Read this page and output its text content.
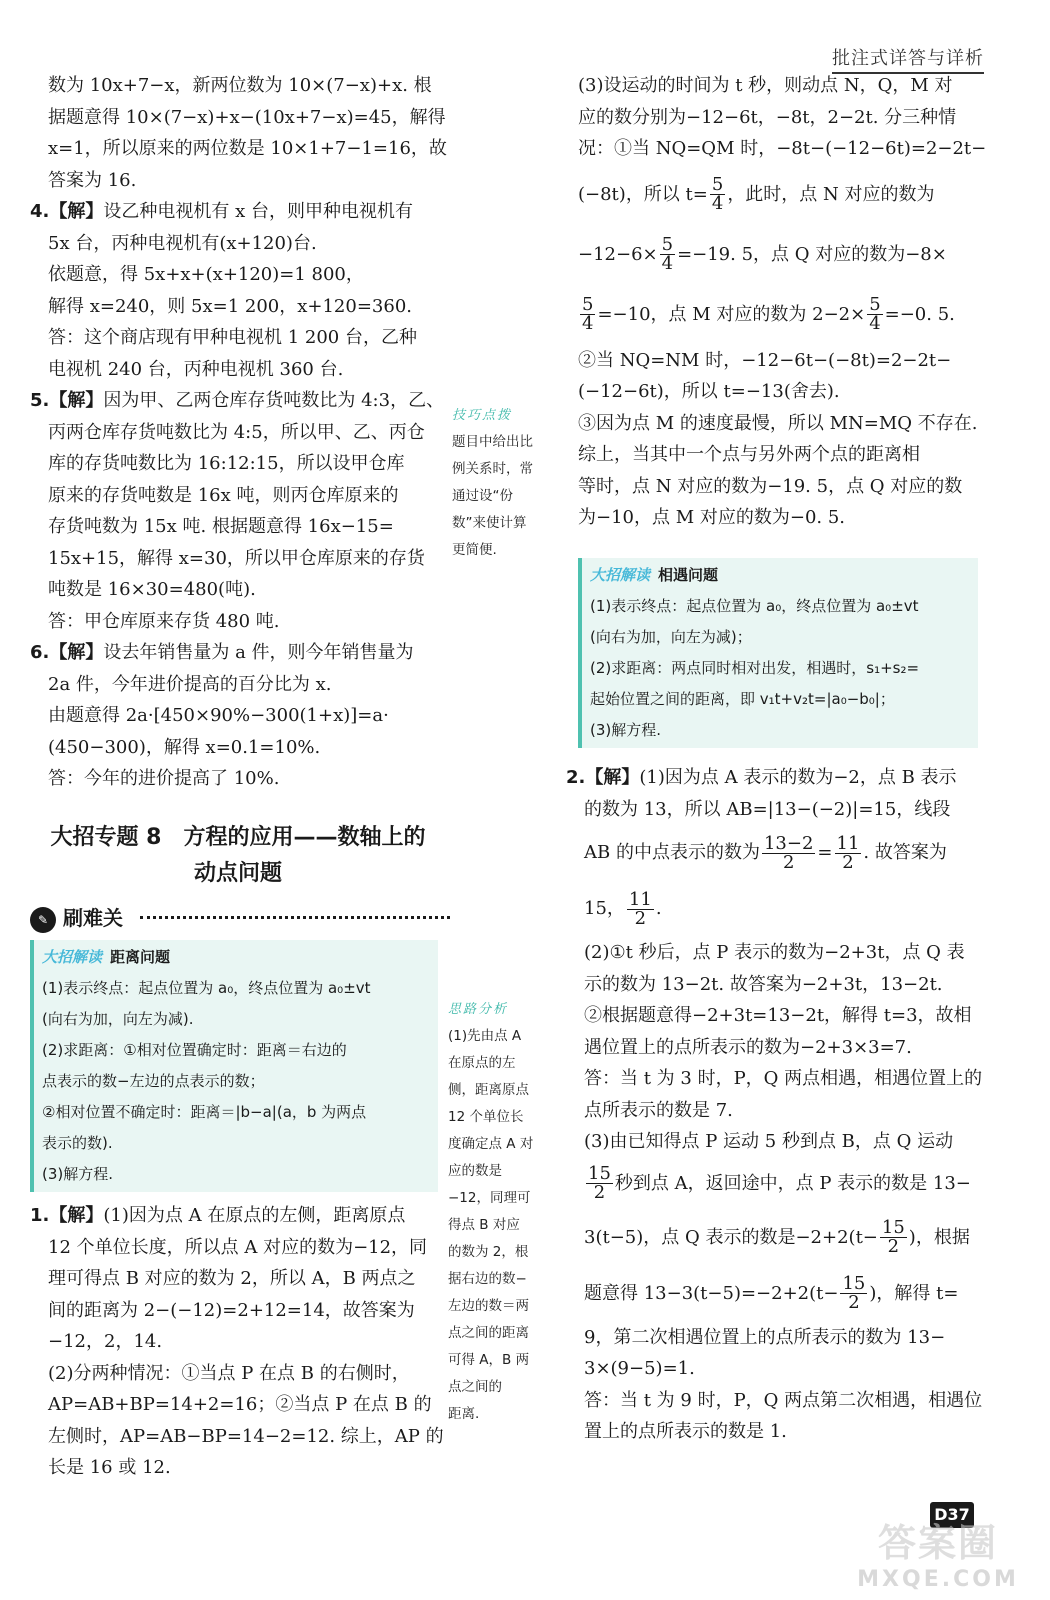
批注式详答与详析

数为 10x+7−x，新两位数为 10×(7−x)+x. 根

据题意得 10×(7−x)+x−(10x+7−x)=45，解得

x=1，所以原来的两位数是 10×1+7−1=16，故

答案为 16.

4.【解】设乙种电视机有 x 台，则甲种电视机有

5x 台，丙种电视机有(x+120)台.

依题意，得 5x+x+(x+120)=1 800，

解得 x=240，则 5x=1 200，x+120=360.

答：这个商店现有甲种电视机 1 200 台，乙种

电视机 240 台，丙种电视机 360 台.

5.【解】因为甲、乙两仓库存货吨数比为 4:3，乙、

丙两仓库存货吨数比为 4:5，所以甲、乙、丙仓

库的存货吨数比为 16:12:15，所以设甲仓库

原来的存货吨数是 16x 吨，则丙仓库原来的

存货吨数为 15x 吨. 根据题意得 16x−15=

15x+15，解得 x=30，所以甲仓库原来的存货

吨数是 16×30=480(吨).

答：甲仓库原来存货 480 吨.

6.【解】设去年销售量为 a 件，则今年销售量为

2a 件，今年进价提高的百分比为 x.

由题意得 2a·[450×90%−300(1+x)]=a·

(450−300)，解得 x=0.1=10%.

答：今年的进价提高了 10%.

技巧点拨
题目中给出比
例关系时，常
通过设“份
数”来使计算
更简便.
大招专题 8　方程的应用——数轴上的
动点问题
✎ 刷难关
大招解读 距离问题
(1)表示终点：起点位置为 a₀，终点位置为 a₀±vt
(向右为加，向左为减).
(2)求距离：①相对位置确定时：距离＝右边的
点表示的数−左边的点表示的数；
②相对位置不确定时：距离＝|b−a|(a，b 为两点
表示的数).
(3)解方程.

1.【解】(1)因为点 A 在原点的左侧，距离原点

12 个单位长度，所以点 A 对应的数为−12，同

理可得点 B 对应的数为 2，所以 A，B 两点之

间的距离为 2−(−12)=2+12=14，故答案为

−12，2，14.

(2)分两种情况：①当点 P 在点 B 的右侧时，

AP=AB+BP=14+2=16；②当点 P 在点 B 的

左侧时，AP=AB−BP=14−2=12. 综上，AP 的

长是 16 或 12.

思路分析
(1)先由点 A
在原点的左
侧，距离原点
12 个单位长
度确定点 A 对
应的数是
−12，同理可
得点 B 对应
的数为 2，根
据右边的数−
左边的数＝两
点之间的距离
可得 A，B 两
点之间的
距离.

(3)设运动的时间为 t 秒，则动点 N，Q，M 对

应的数分别为−12−6t，−8t，2−2t. 分三种情

况：①当 NQ=QM 时，−8t−(−12−6t)=2−2t−

(−8t)，所以 $t= \frac{5}{4}$ ，此时，点 N 对应的数为

$-12-6\times \frac{5}{4} =-19$. 5，点 Q 对应的数为−8×

$\frac{5}{4} =-10$，点 M 对应的数为 $2-2\times \frac{5}{4} =-0$. 5.

②当 NQ=NM 时，−12−6t−(−8t)=2−2t−

(−12−6t)，所以 t=−13(舍去).

③因为点 M 的速度最慢，所以 MN=MQ 不存在.

综上，当其中一个点与另外两个点的距离相

等时，点 N 对应的数为−19. 5，点 Q 对应的数

为−10，点 M 对应的数为−0. 5.

大招解读 相遇问题
(1)表示终点：起点位置为 a₀，终点位置为 a₀±vt
(向右为加，向左为减)；
(2)求距离：两点同时相对出发，相遇时，s₁+s₂=
起始位置之间的距离，即 v₁t+v₂t=|a₀−b₀|；
(3)解方程.

2.【解】(1)因为点 A 表示的数为−2，点 B 表示

的数为 13，所以 AB=|13−(−2)|=15，线段

AB 的中点表示的数为 $\frac{13-2}{2} = \frac{11}{2}$ . 故答案为

15， $\frac{11}{2}$ .

(2)①t 秒后，点 P 表示的数为−2+3t，点 Q 表

示的数为 13−2t. 故答案为−2+3t，13−2t.

②根据题意得−2+3t=13−2t，解得 t=3，故相

遇位置上的点所表示的数为−2+3×3=7.

答：当 t 为 3 时，P，Q 两点相遇，相遇位置上的

点所表示的数是 7.

(3)由已知得点 P 运动 5 秒到点 B，点 Q 运动

$\frac{15}{2}$ 秒到点 A，返回途中，点 P 表示的数是 13−

3(t−5)，点 Q 表示的数是$-2+2(t- \frac{15}{2}$ )，根据

题意得 $13-3(t-5)=-2+2(t- \frac{15}{2}$ )，解得 t=

9，第二次相遇位置上的点所表示的数为 13−

3×(9−5)=1.

答：当 t 为 9 时，P，Q 两点第二次相遇，相遇位

置上的点所表示的数是 1.

D37
答案圈
MXQE.COM
